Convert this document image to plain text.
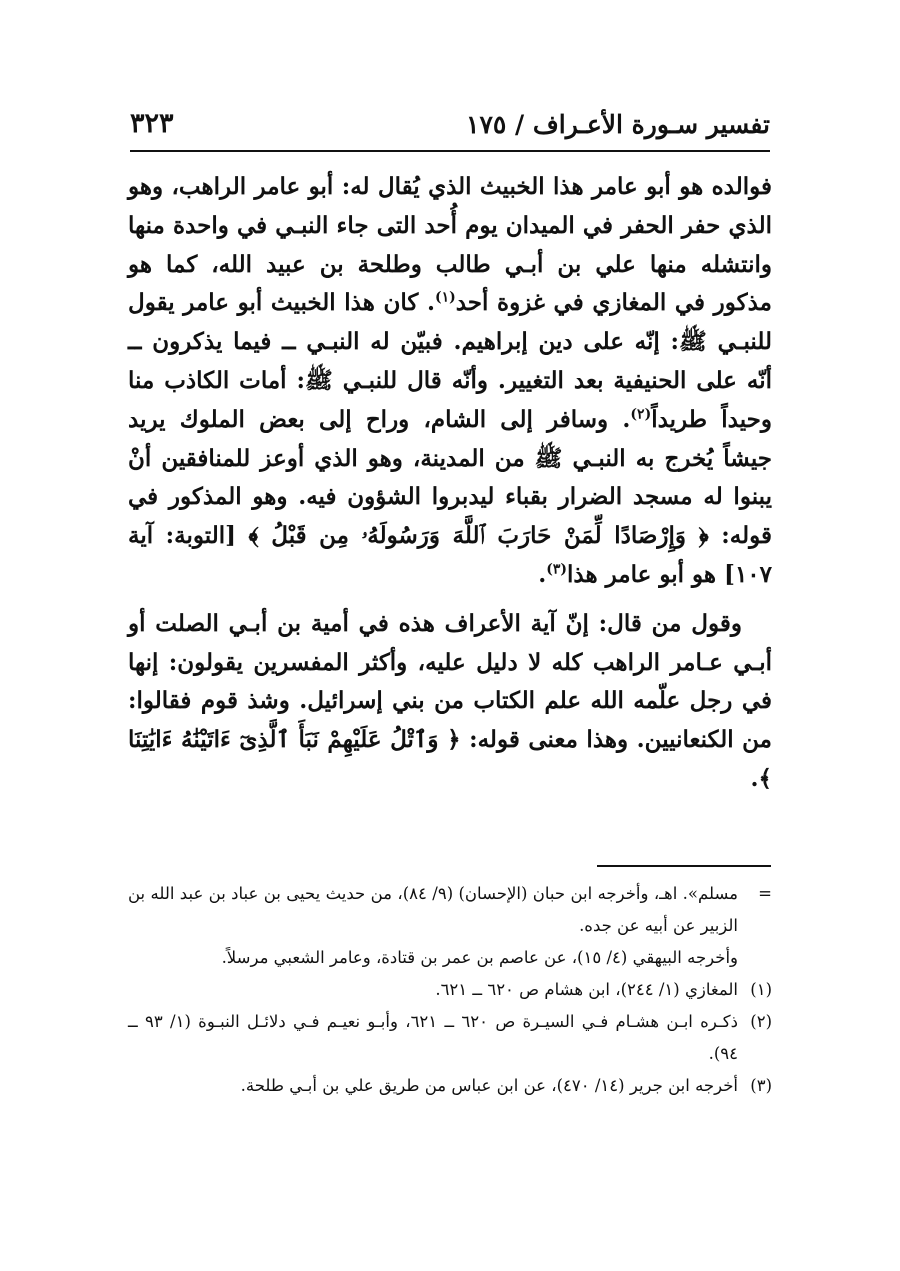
تفسير سـورة الأعـراف / ١٧٥
٣٢٣

فوالده هو أبو عامر هذا الخبيث الذي يُقال له: أبو عامر الراهب، وهو الذي حفر الحفر في الميدان يوم أُحد التى جاء النبـي في واحدة منها وانتشله منها علي بن أبـي طالب وطلحة بن عبيد الله، كما هو مذكور في المغازي في غزوة أحد$^{(١)}$. كان هذا الخبيث أبو عامر يقول للنبـي ﷺ: إنّه على دين إبراهيم. فبيّن له النبـي ــ فيما يذكرون ــ أنّه على الحنيفية بعد التغيير. وأنّه قال للنبـي ﷺ: أمات الكاذب منا وحيداً طريداً$^{(٢)}$. وسافر إلى الشام، وراح إلى بعض الملوك يريد جيشاً يُخرج به النبـي ﷺ من المدينة، وهو الذي أوعز للمنافقين أنْ يبنوا له مسجد الضرار بقباء ليدبروا الشؤون فيه. وهو المذكور في قوله: ﴿ وَإِرْصَادًا لِّمَنْ حَارَبَ ٱللَّهَ وَرَسُولَهُۥ مِن قَبْلُ ﴾ [التوبة: آية ١٠٧] هو أبو عامر هذا$^{(٣)}$.

وقول من قال: إنّ آية الأعراف هذه في أمية بن أبـي الصلت أو أبـي عـامر الراهب كله لا دليل عليه، وأكثر المفسرين يقولون: إنها في رجل علّمه الله علم الكتاب من بني إسرائيل. وشذ قوم فقالوا: من الكنعانيين. وهذا معنى قوله: ﴿ وَٱتْلُ عَلَيْهِمْ نَبَأَ ٱلَّذِىٓ ءَاتَيْنَٰهُ ءَايَٰتِنَا ﴾.

=
مسلم». اهـ، وأخرجه ابن حبان (الإحسان) (٩/ ٨٤)، من حديث يحيى بن عباد بن عبد الله بن الزبير عن أبيه عن جده.
وأخرجه البيهقي (٤/ ١٥)، عن عاصم بن عمر بن قتادة، وعامر الشعبي مرسلاً.
(١)
المغازي (١/ ٢٤٤)، ابن هشام ص ٦٢٠ ــ ٦٢١.
(٢)
ذكـره ابـن هشـام فـي السيـرة ص ٦٢٠ ــ ٦٢١، وأبـو نعيـم فـي دلائـل النبـوة (١/ ٩٣ ــ ٩٤).
(٣)
أخرجه ابن جرير (١٤/ ٤٧٠)، عن ابن عباس من طريق علي بن أبـي طلحة.
